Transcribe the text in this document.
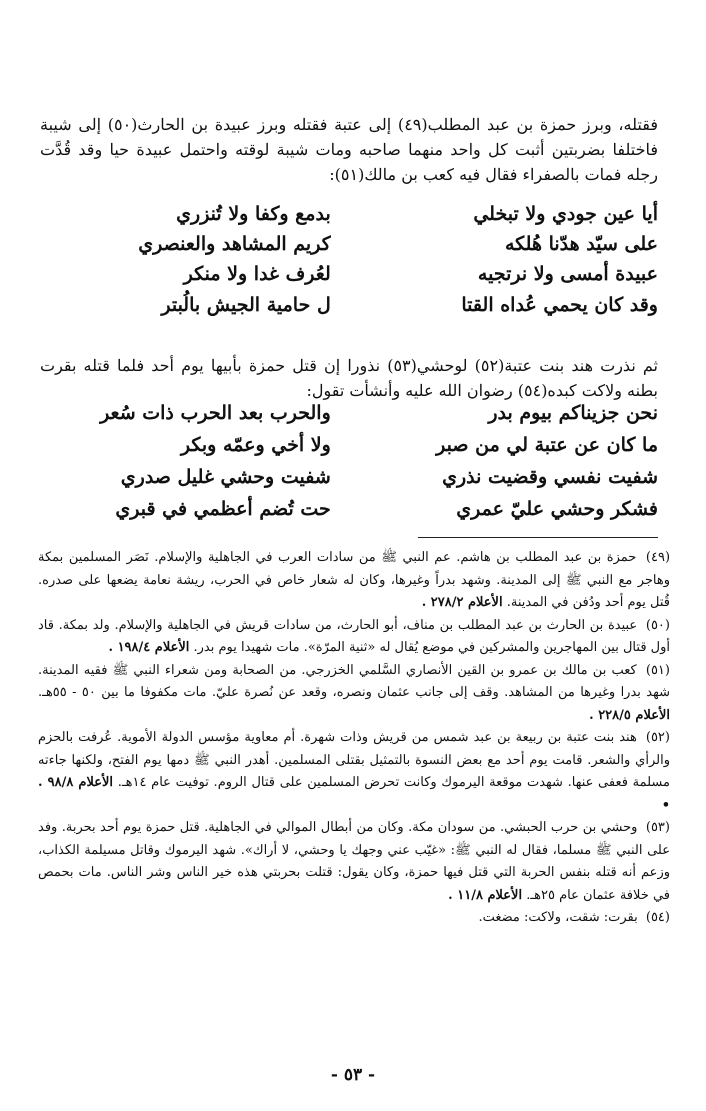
فقتله، وبرز حمزة بن عبد المطلب(٤٩) إلى عتبة فقتله وبرز عبيدة بن الحارث(٥٠) إلى شيبة فاختلفا بضربتين أثبت كل واحد منهما صاحبه ومات شيبة لوقته واحتمل عبيدة حيا وقد قُدَّت رجله فمات بالصفراء فقال فيه كعب بن مالك(٥١):

أيا عين جودي ولا تبخلي
بدمع وكفا ولا تُنزري
على سيّد هدّنا هُلكه
كريم المشاهد والعنصري
عبيدة أمسى ولا نرتجيه
لعُرف غدا ولا منكر
وقد كان يحمي عُداه القتا
ل حامية الجيش بالُبتر

ثم نذرت هند بنت عتبة(٥٢) لوحشي(٥٣) نذورا إن قتل حمزة بأبيها يوم أحد فلما قتله بقرت بطنه ولاكت كبده(٥٤) رضوان الله عليه وأنشأت تقول:

نحن جزيناكم بيوم بدر
والحرب بعد الحرب ذات سُعر
ما كان عن عتبة لي من صبر
ولا أخي وعمّه وبكر
شفيت نفسي وقضيت نذري
شفيت وحشي غليل صدري
فشكر وحشي عليّ عمري
حت تُضم أعظمي في قبري

(٤٩) حمزة بن عبد المطلب بن هاشم. عم النبي ﷺ من سادات العرب في الجاهلية والإسلام. نَصَر المسلمين بمكة وهاجر مع النبي ﷺ إلى المدينة. وشهد بدراً وغيرها، وكان له شعار خاص في الحرب، ريشة نعامة يضعها على صدره. قُتل يوم أحد ودُفن في المدينة. الأعلام ٢٧٨/٢ .

(٥٠) عبيدة بن الحارث بن عبد المطلب بن مناف، أبو الحارث، من سادات قريش في الجاهلية والإسلام. ولد بمكة. قاد أول قتال بين المهاجرين والمشركين في موضع يُقال له «ثنية المرّة». مات شهيدا يوم بدر. الأعلام ١٩٨/٤ .

(٥١) كعب بن مالك بن عمرو بن القين الأنصاري السَّلمي الخزرجي. من الصحابة ومن شعراء النبي ﷺ فقيه المدينة. شهد بدرا وغيرها من المشاهد. وقف إلى جانب عثمان ونصره، وقعد عن نُصرة عليّ. مات مكفوفا ما بين ٥٠ - ٥٥هـ. الأعلام ٢٢٨/٥ .

(٥٢) هند بنت عتبة بن ربيعة بن عبد شمس من قريش وذات شهرة. أم معاوية مؤسس الدولة الأموية. عُرفت بالحزم والرأي والشعر. قامت يوم أحد مع بعض النسوة بالتمثيل بقتلى المسلمين. أهدر النبي ﷺ دمها يوم الفتح، ولكنها جاءته مسلمة فعفى عنها. شهدت موقعة اليرموك وكانت تحرض المسلمين على قتال الروم. توفيت عام ١٤هـ. الأعلام ٩٨/٨ . •

(٥٣) وحشي بن حرب الحبشي. من سودان مكة. وكان من أبطال الموالي في الجاهلية. قتل حمزة يوم أحد بحربة. وفد على النبي ﷺ مسلما، فقال له النبي ﷺ: «غيّب عني وجهك يا وحشي، لا أراك». شهد اليرموك وقاتل مسيلمة الكذاب، وزعم أنه قتله بنفس الحربة التي قتل فيها حمزة، وكان يقول: قتلت بحربتي هذه خير الناس وشر الناس. مات بحمص في خلافة عثمان عام ٢٥هـ. الأعلام ١١/٨ .

(٥٤) بقرت: شقت، ولاكت: مضغت.

- ٥٣ -
